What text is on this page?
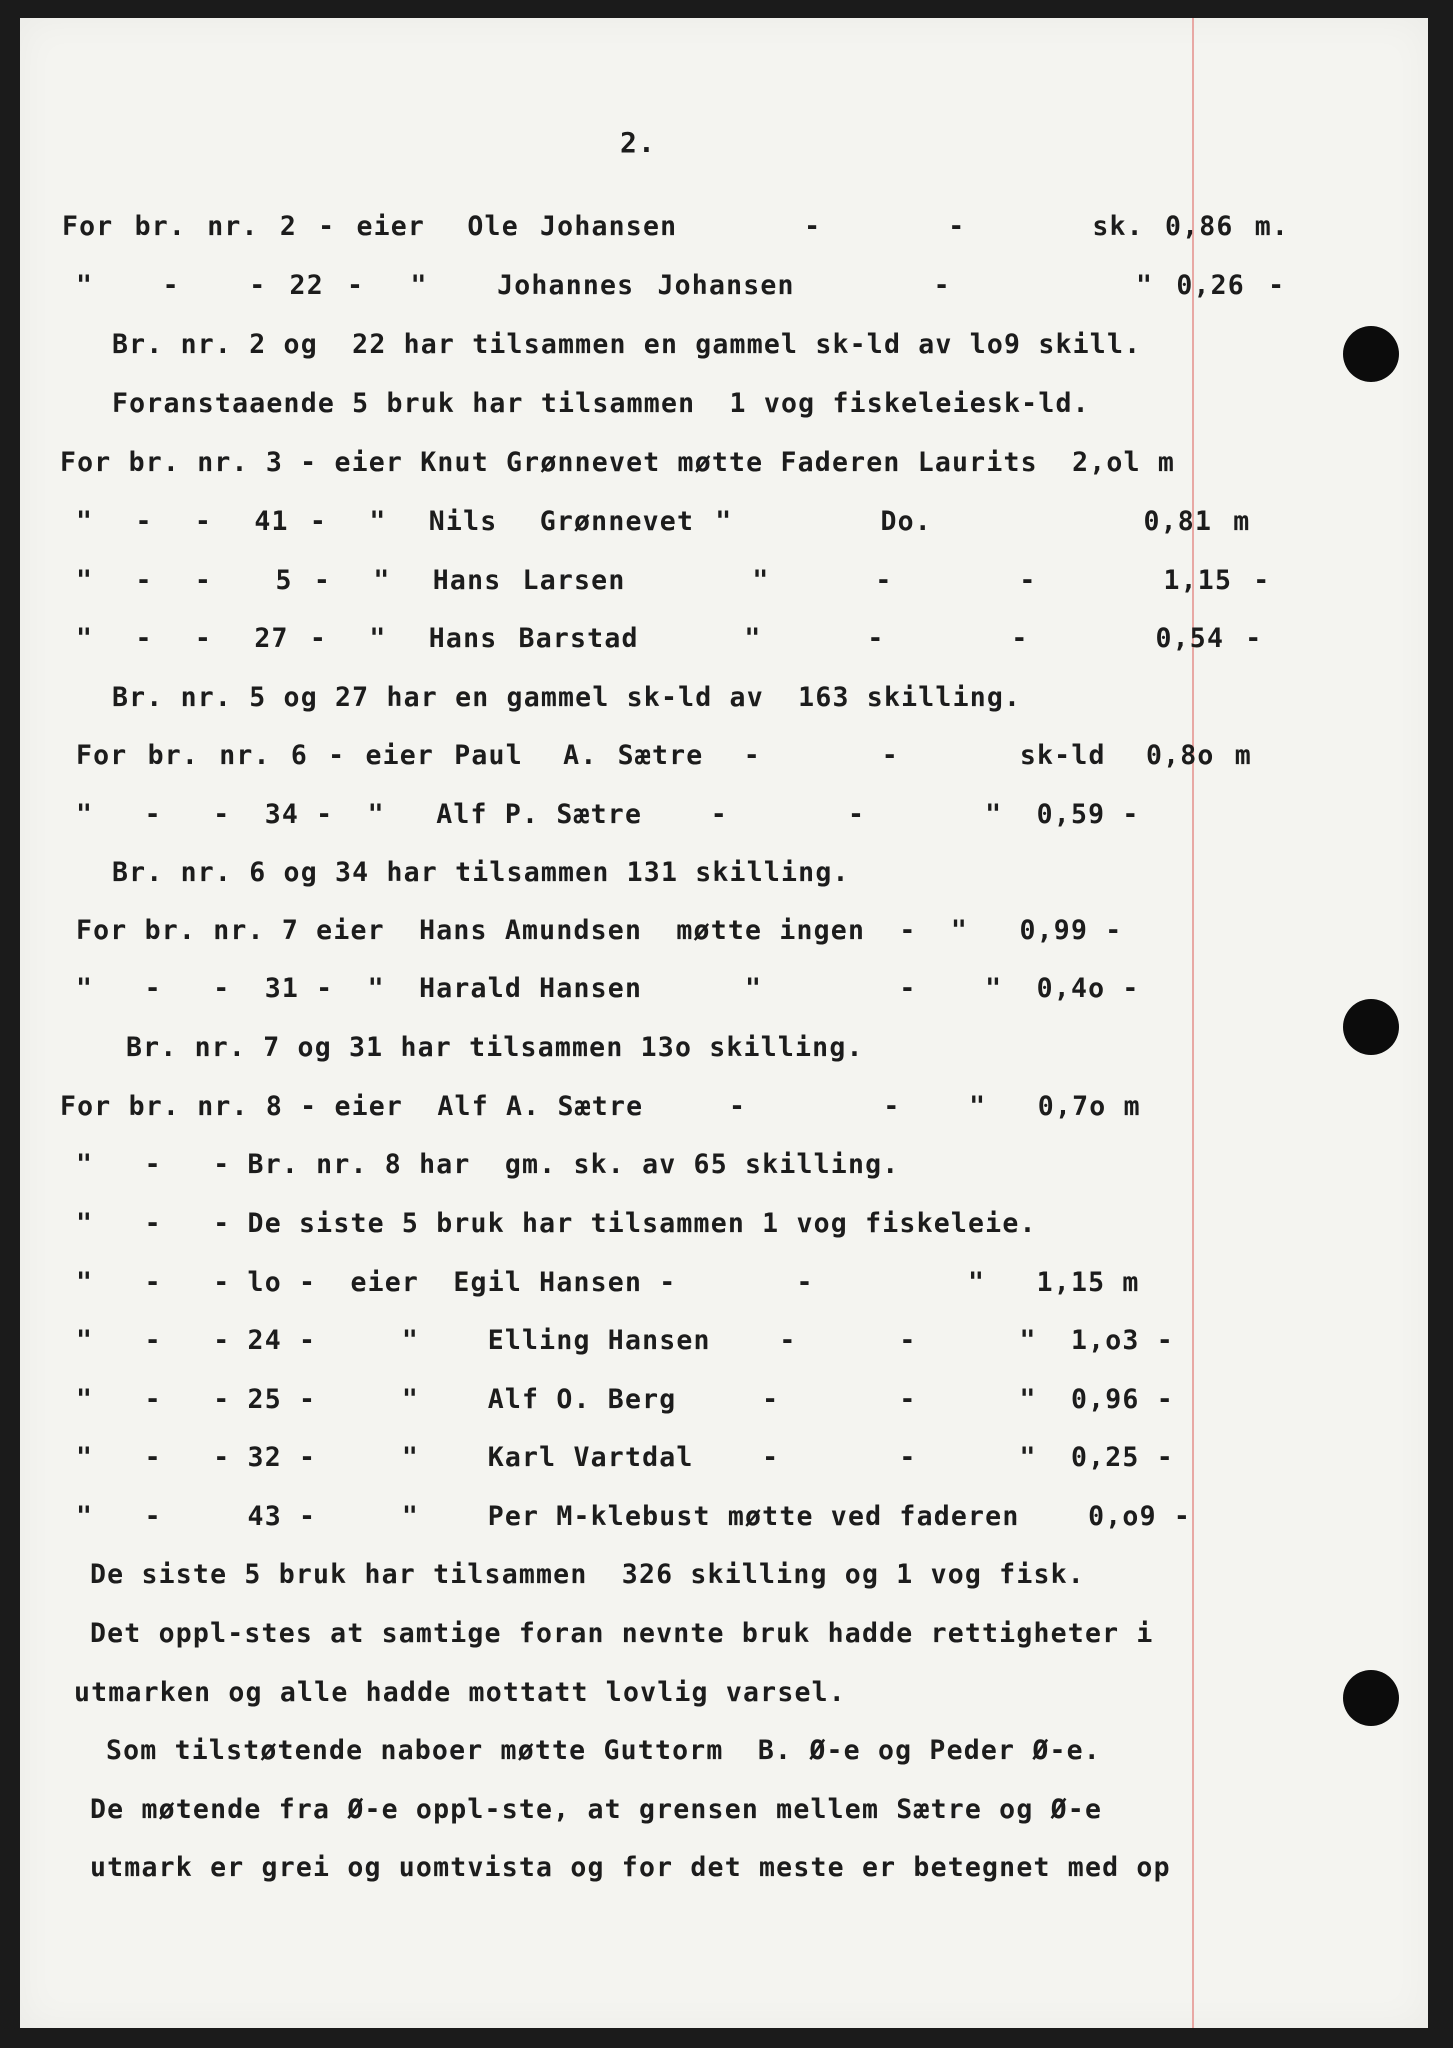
2.
For br. nr. 2 - eier  Ole Johansen      -      -      sk. 0,86 m.
"   -   - 22 -  "   Johannes Johansen      -        " 0,26 -
Br. nr. 2 og  22 har tilsammen en gammel sk-ld av lo9 skill.
Foranstaaende 5 bruk har tilsammen  1 vog fiskeleiesk-ld.
For br. nr. 3 - eier Knut Grønnevet møtte Faderen Laurits  2,ol m
"  -  -  41 -  "  Nils  Grønnevet "       Do.          0,81 m
"  -  -   5 -  "  Hans Larsen      "     -      -      1,15 -
"  -  -  27 -  "  Hans Barstad     "     -      -      0,54 -
Br. nr. 5 og 27 har en gammel sk-ld av  163 skilling.
For br. nr. 6 - eier Paul  A. Sætre  -      -      sk-ld  0,8o m
"   -   -  34 -  "   Alf P. Sætre    -       -       "  0,59 -
Br. nr. 6 og 34 har tilsammen 131 skilling.
For br. nr. 7 eier  Hans Amundsen  møtte ingen  -  "   0,99 -
"   -   -  31 -  "  Harald Hansen      "        -    "  0,4o -
Br. nr. 7 og 31 har tilsammen 13o skilling.
For br. nr. 8 - eier  Alf A. Sætre     -        -    "   0,7o m
"   -   - Br. nr. 8 har  gm. sk. av 65 skilling.
"   -   - De siste 5 bruk har tilsammen 1 vog fiskeleie.
"   -   - lo -  eier  Egil Hansen -       -         "   1,15 m
"   -   - 24 -     "    Elling Hansen    -      -      "  1,o3 -
"   -   - 25 -     "    Alf O. Berg     -       -      "  0,96 -
"   -   - 32 -     "    Karl Vartdal    -       -      "  0,25 -
"   -     43 -     "    Per M-klebust møtte ved faderen    0,o9 -
De siste 5 bruk har tilsammen  326 skilling og 1 vog fisk.
Det oppl-stes at samtige foran nevnte bruk hadde rettigheter i
utmarken og alle hadde mottatt lovlig varsel.
Som tilstøtende naboer møtte Guttorm  B. Ø-e og Peder Ø-e.
De møtende fra Ø-e oppl-ste, at grensen mellem Sætre og Ø-e
utmark er grei og uomtvista og for det meste er betegnet med op
